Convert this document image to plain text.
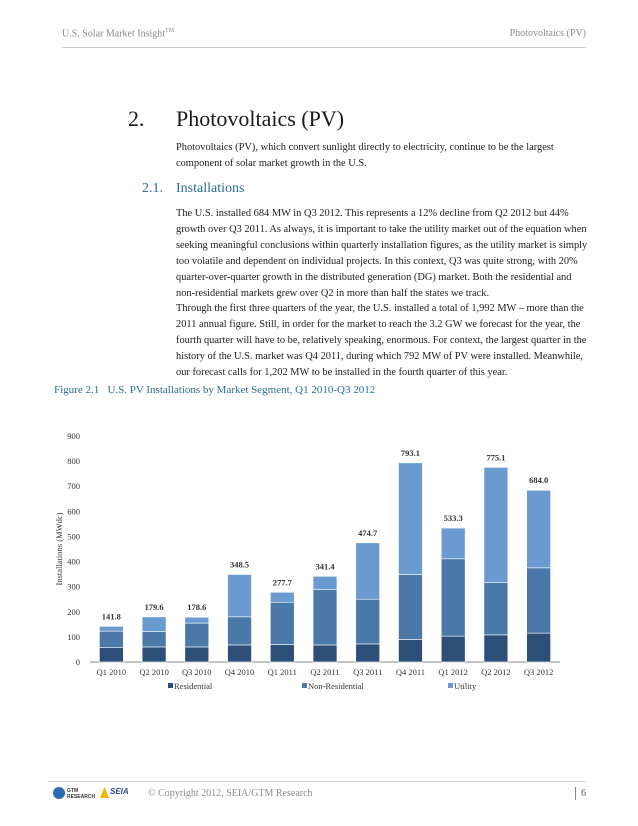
U.S. Solar Market Insight™	Photovoltaics (PV)
2. Photovoltaics (PV)

Photovoltaics (PV), which convert sunlight directly to electricity, continue to be the largest component of solar market growth in the U.S.

2.1. Installations

The U.S. installed 684 MW in Q3 2012. This represents a 12% decline from Q2 2012 but 44% growth over Q3 2011. As always, it is important to take the utility market out of the equation when seeking meaningful conclusions within quarterly installation figures, as the utility market is simply too volatile and dependent on individual projects. In this context, Q3 was quite strong, with 20% quarter-over-quarter growth in the distributed generation (DG) market. Both the residential and non-residential markets grew over Q2 in more than half the states we track.

Through the first three quarters of the year, the U.S. installed a total of 1,992 MW – more than the 2011 annual figure. Still, in order for the market to reach the 3.2 GW we forecast for the year, the fourth quarter will have to be, relatively speaking, enormous. For context, the largest quarter in the history of the U.S. market was Q4 2011, during which 792 MW of PV were installed. Meanwhile, our forecast calls for 1,202 MW to be installed in the fourth quarter of this year.

Figure 2.1   U.S. PV Installations by Market Segment, Q1 2010-Q3 2012
Installations (MWdc)
0
100
200
300
400
500
600
700
800
900
141.8
179.6	178.6
348.5
277.7
341.4
474.7
793.1
533.3
775.1
684.0
Q1 2010 Q2 2010 Q3 2010 Q4 2010 Q1 2011 Q2 2011 Q3 2011 Q4 2011 Q1 2012 Q2 2012 Q3 2012
Residential	Non-Residential	Utility
GTM RESEARCH
SEIA © Copyright 2012, SEIA/GTM Research	6
